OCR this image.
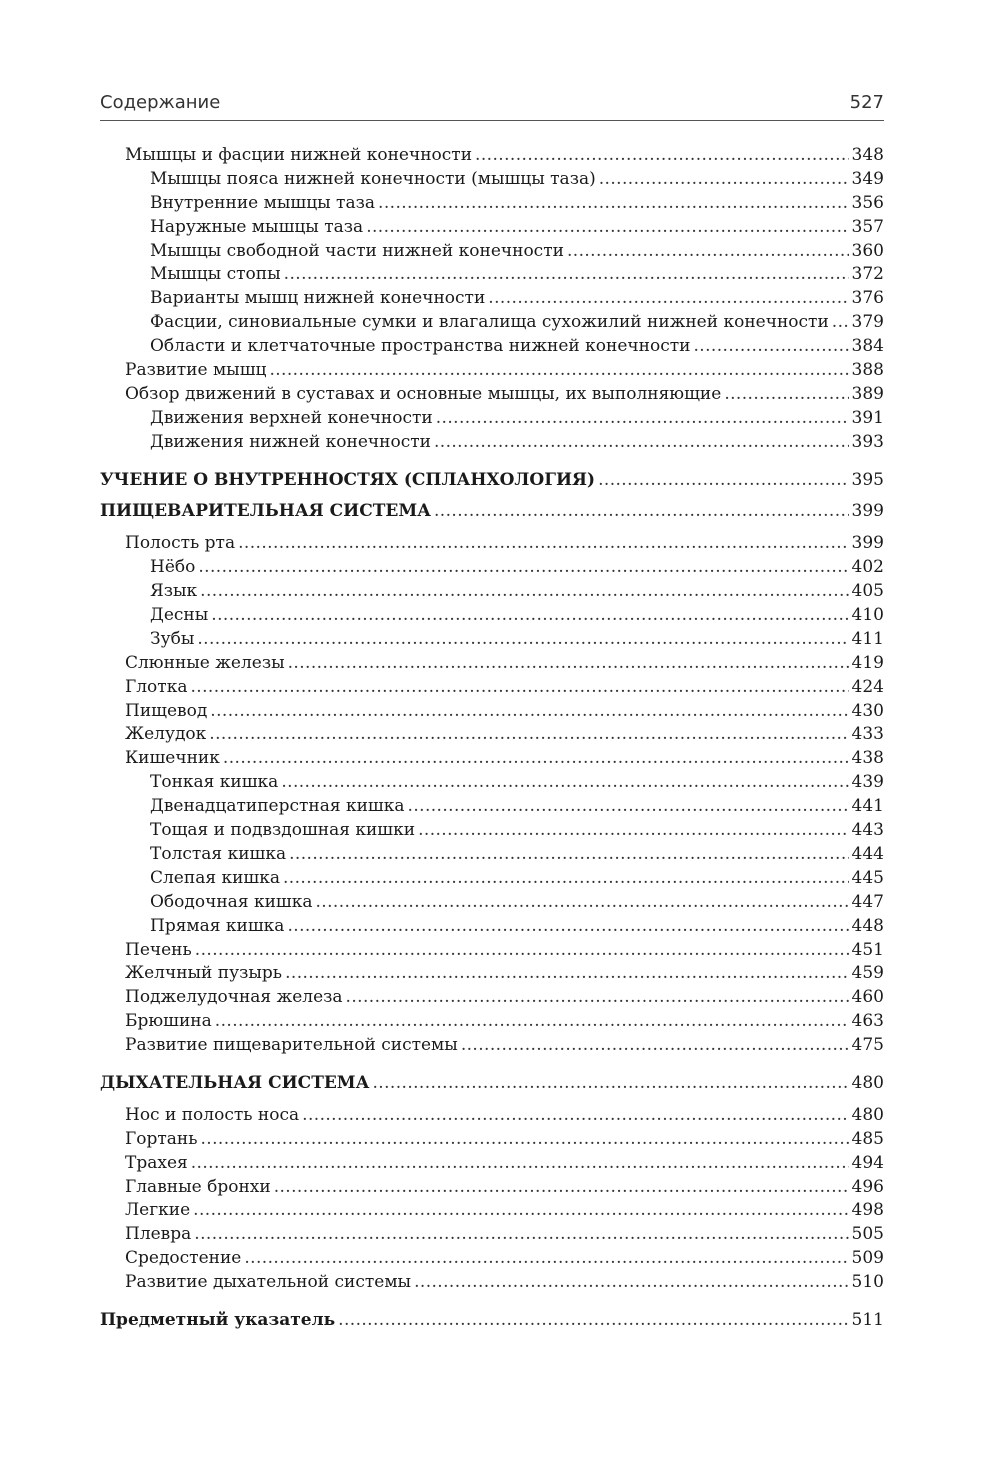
Содержание	527
Мышцы и фасции нижней конечности . . .	348
Мышцы пояса нижней конечности (мышцы таза) . . .	349
Внутренние мышцы таза . . .	356
Наружные мышцы таза . . .	357
Мышцы свободной части нижней конечности . . .	360
Мышцы стопы . . .	372
Варианты мышц нижней конечности . . .	376
Фасции, синовиальные сумки и влагалища сухожилий нижней конечности . . . 379
Области и клетчаточные пространства нижней конечности . . .	384
Развитие мышц . . .	388
Обзор движений в суставах и основные мышцы, их выполняющие . . .	389
Движения верхней конечности . . .	391
Движения нижней конечности . . .	393
УЧЕНИЕ О ВНУТРЕННОСТЯХ (СПЛАНХОЛОГИЯ) . . .	395
ПИЩЕВАРИТЕЛЬНАЯ СИСТЕМА . . .	399
Полость рта . . .	399
Нёбо . . .	402
Язык . . .	405
Десны . . .	410
Зубы . . .	411
Слюнные железы . . .	419
Глотка . . .	424
Пищевод . . .	430
Желудок . . .	433
Кишечник . . .	438
Тонкая кишка . . .	439
Двенадцатиперстная кишка . . .	441
Тощая и подвздошная кишки . . .	443
Толстая кишка . . .	444
Слепая кишка . . .	445
Ободочная кишка . . .	447
Прямая кишка . . .	448
Печень . . .	451
Желчный пузырь . . .	459
Поджелудочная железа . . .	460
Брюшина . . .	463
Развитие пищеварительной системы . . .	475
ДЫХАТЕЛЬНАЯ СИСТЕМА . . .	480
Нос и полость носа . . .	480
Гортань . . .	485
Трахея . . .	494
Главные бронхи . . .	496
Легкие . . .	498
Плевра . . .	505
Средостение . . .	509
Развитие дыхательной системы . . .	510
Предметный указатель . . .	511
